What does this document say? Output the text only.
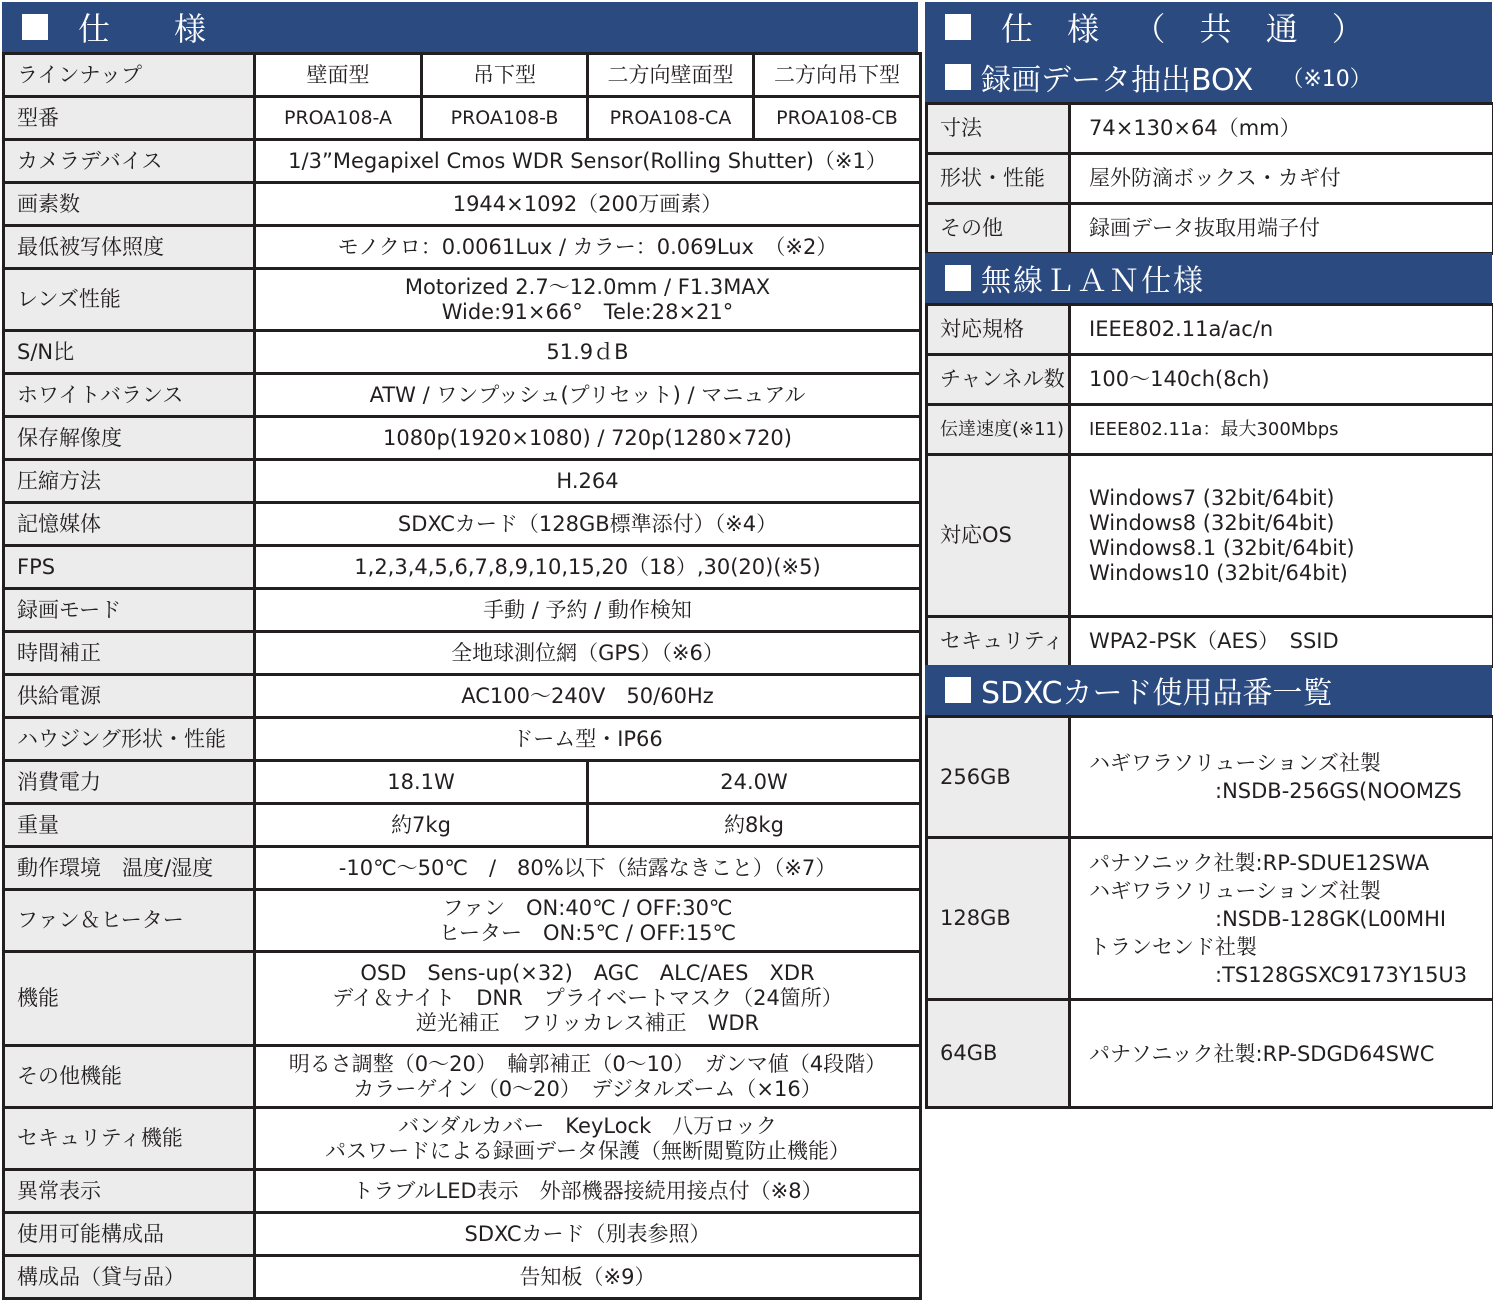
仕　様
ラインナップ	壁面型	吊下型	二方向壁面型	二方向吊下型
型番	PROA108-A	PROA108-B	PROA108-CA	PROA108-CB
カメラデバイス	1/3”Megapixel Cmos WDR Sensor(Rolling Shutter)（※1）			

画素数	1944×1092（200万画素）			

最低被写体照度	モノクロ：0.0061Lux / カラー：0.069Lux　（※2）			

レンズ性能	Motorized 2.7～12.0mm / F1.3MAX
Wide:91×66°　Tele:28×21°			

S/N比	51.9ｄB			

ホワイトバランス	ATW / ワンプッシュ(プリセット) / マニュアル			

保存解像度	1080p(1920×1080) / 720p(1280×720)			

圧縮方法	H.264			

記憶媒体	SDXCカード（128GB標準添付）（※4）			

FPS	1,2,3,4,5,6,7,8,9,10,15,20（18）,30(20)(※5)			

録画モード	手動 / 予約 / 動作検知			

時間補正	全地球測位網（GPS）（※6）			

供給電源	AC100～240V　50/60Hz			

ハウジング形状・性能	ドーム型・IP66			

消費電力	18.1W		24.0W	
重量	約7kg		約8kg	
動作環境　温度/湿度	-10℃～50℃　/　80%以下（結露なきこと）（※7）			

ファン＆ヒーター	ファン　ON:40℃ / OFF:30℃
ヒーター　ON:5℃ / OFF:15℃			

機能	OSD　Sens-up(×32)　AGC　ALC/AES　XDR
デイ＆ナイト　DNR　プライベートマスク（24箇所）
逆光補正　フリッカレス補正　WDR			

その他機能	明るさ調整（0～20）　輪郭補正（0～10）　ガンマ値（4段階）
カラーゲイン（0～20）　デジタルズーム（×16）			

セキュリティ機能	バンダルカバー　KeyLock　八万ロック
パスワードによる録画データ保護（無断閲覧防止機能）			

異常表示	トラブルLED表示　外部機器接続用接点付（※8）			

使用可能構成品	SDXCカード（別表参照）			

構成品（貸与品）	告知板（※9）			
仕 様 （ 共 通 ）
録画データ抽出BOX （※10）
寸法	74×130×64（mm）

形状・性能	屋外防滴ボックス・カギ付

その他	録画データ抜取用端子付
無線ＬＡＮ仕様
対応規格	IEEE802.11a/ac/n

チャンネル数	100～140ch(8ch)

伝達速度(※11)	IEEE802.11a：最大300Mbps

対応OS	Windows7 (32bit/64bit)
Windows8 (32bit/64bit)
Windows8.1 (32bit/64bit)
Windows10 (32bit/64bit)

セキュリティ	WPA2-PSK（AES）　SSID
SDXCカード使用品番一覧
256GB	ハギワラソリューションズ社製
　　　　　　:NSDB-256GS(NOOMZS

128GB	パナソニック社製:RP-SDUE12SWA
ハギワラソリューションズ社製
　　　　　　:NSDB-128GK(L00MHI
トランセンド社製
　　　　　　:TS128GSXC9173Y15U3

64GB	パナソニック社製:RP-SDGD64SWC
